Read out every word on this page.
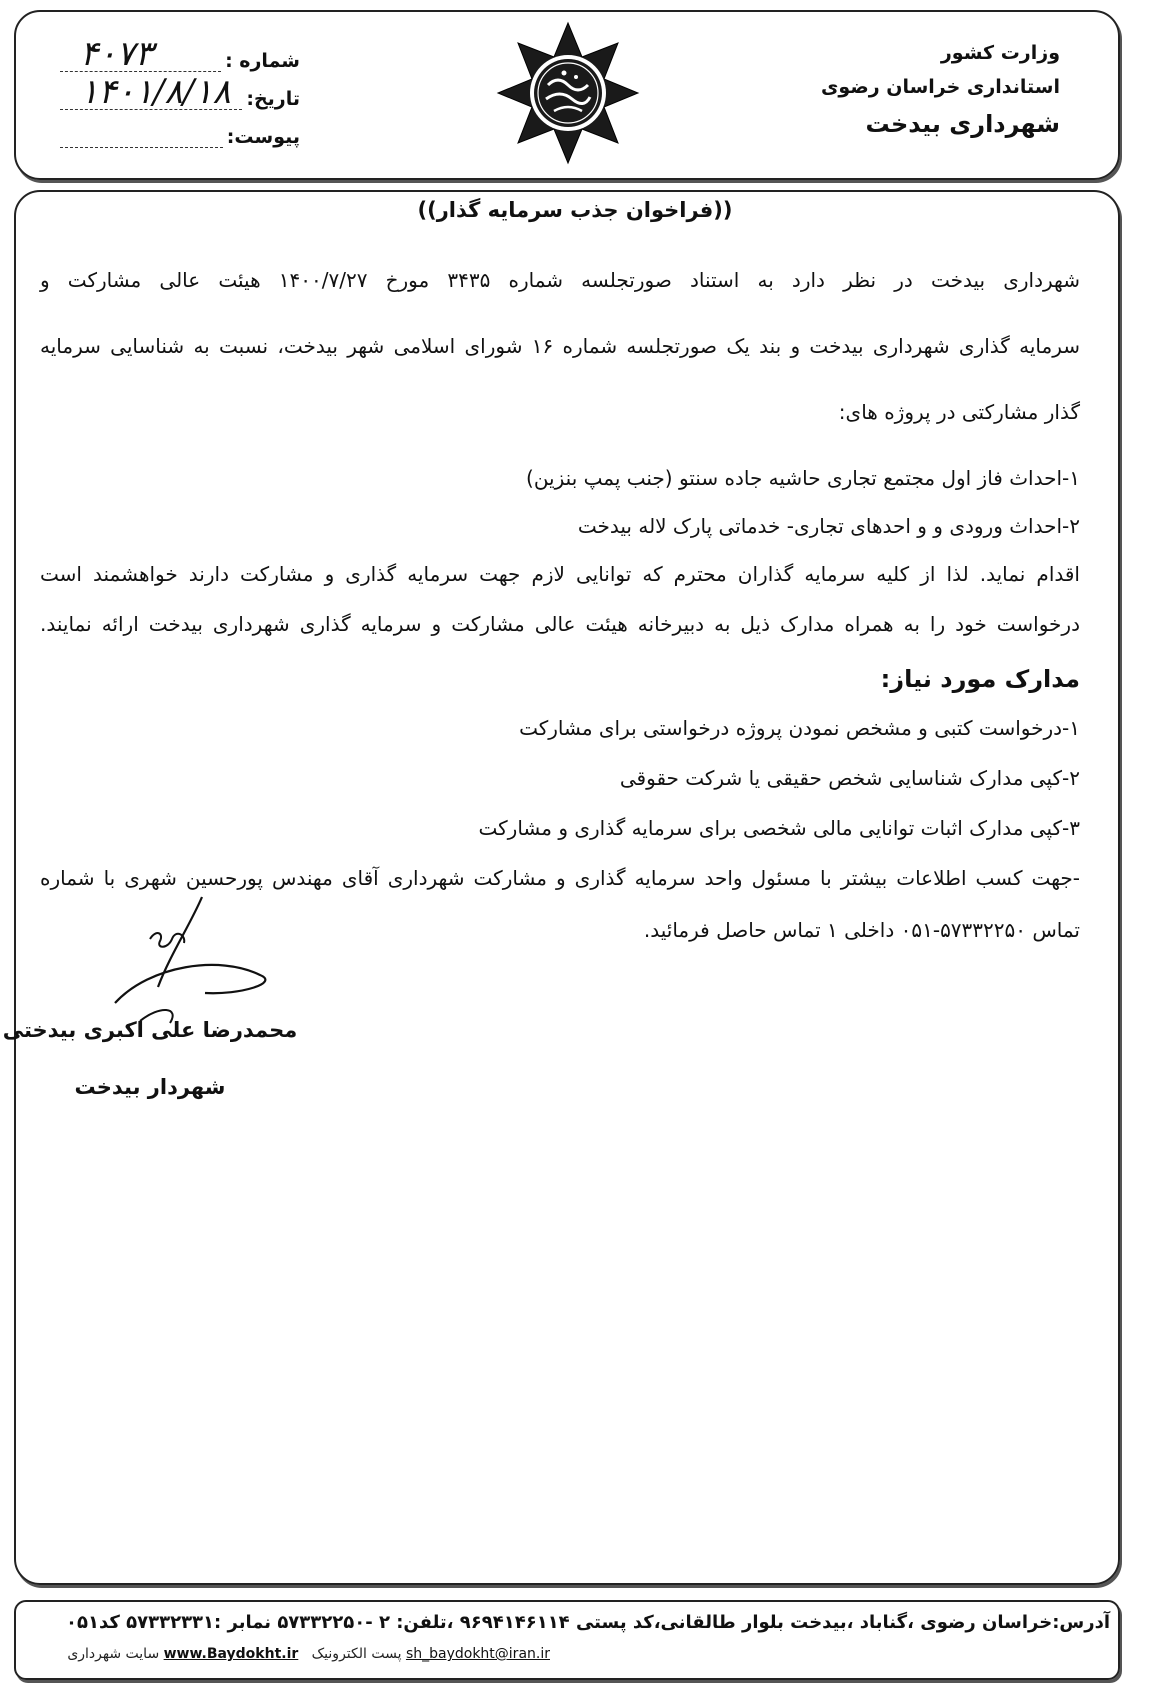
وزارت کشور
استانداری خراسان رضوی
شهرداری بیدخت
شماره :
۴۰۷۳
تاریخ:
۱۴۰۱/۸/۱۸
پیوست:
((فراخوان جذب سرمایه گذار))
شهرداری بیدخت در نظر دارد به استناد صورتجلسه شماره ۳۴۳۵ مورخ ۱۴۰۰/۷/۲۷ هیئت عالی مشارکت و
سرمایه گذاری شهرداری بیدخت و بند یک صورتجلسه شماره ۱۶ شورای اسلامی شهر بیدخت، نسبت به شناسایی سرمایه
گذار مشارکتی در پروژه های:
۱-احداث فاز اول مجتمع تجاری حاشیه جاده سنتو (جنب پمپ بنزین)
۲-احداث ورودی و و احدهای تجاری- خدماتی پارک لاله بیدخت
اقدام نماید. لذا از کلیه سرمایه گذاران محترم که توانایی لازم جهت سرمایه گذاری و مشارکت دارند خواهشمند است
درخواست خود را به همراه مدارک ذیل به دبیرخانه هیئت عالی مشارکت و سرمایه گذاری شهرداری بیدخت ارائه نمایند.
مدارک مورد نیاز:
۱-درخواست کتبی و مشخص نمودن پروژه درخواستی برای مشارکت
۲-کپی مدارک شناسایی شخص حقیقی یا شرکت حقوقی
۳-کپی مدارک اثبات توانایی مالی شخصی برای سرمایه گذاری و مشارکت
-جهت کسب اطلاعات بیشتر با مسئول واحد سرمایه گذاری و مشارکت شهرداری آقای مهندس پورحسین شهری با شماره
تماس ۵۷۳۳۲۲۵۰-۰۵۱ داخلی ۱ تماس حاصل فرمائید.
محمدرضا علی اکبری بیدختی
شهردار بیدخت
آدرس:خراسان رضوی ،گناباد ،بیدخت بلوار طالقانی،کد پستی ۹۶۹۴۱۴۶۱۱۴ ،تلفن: ۲ -۵۷۳۳۲۲۵۰ نمابر :۵۷۳۳۲۳۳۱ کد۰۵۱
سایت شهرداری www.Baydokht.ir پست الکترونیک sh_baydokht@iran.ir
